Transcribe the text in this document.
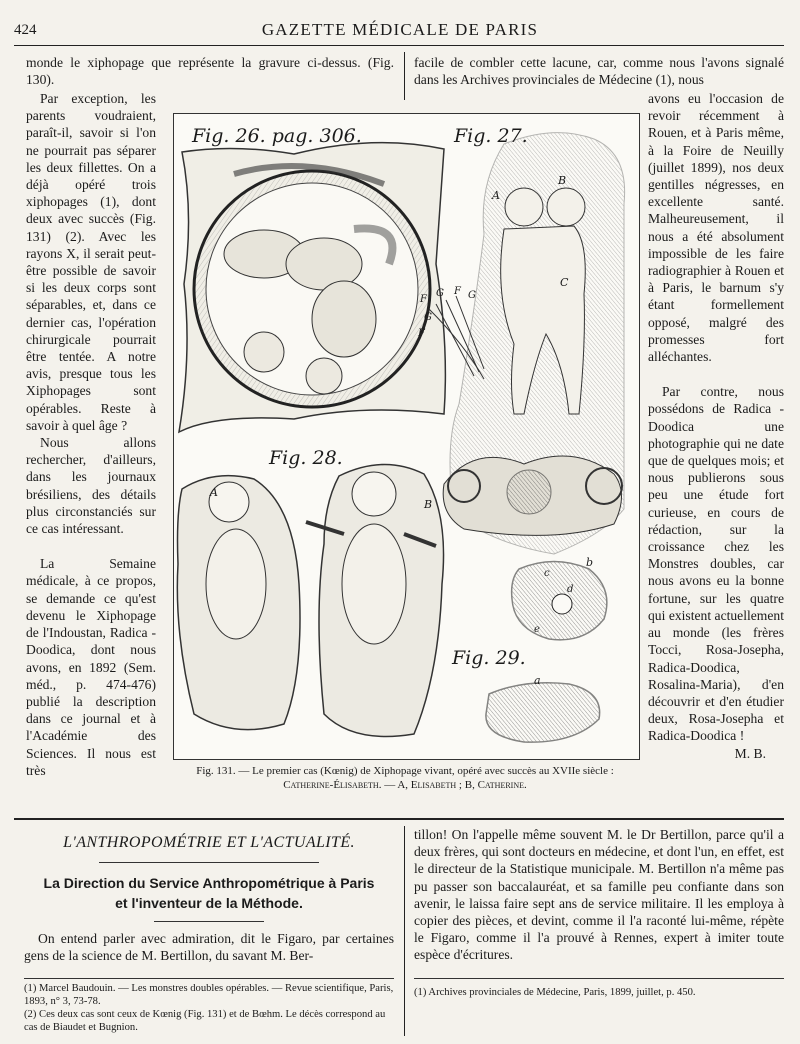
424	GAZETTE MÉDICALE DE PARIS

monde le xiphopage que représente la gravure ci-dessus. (Fig. 130).

Par exception, les parents voudraient, paraît-il, savoir si l'on ne pourrait pas séparer les deux fillettes. On a déjà opéré trois xiphopages (1), dont deux avec succès (Fig. 131) (2). Avec les rayons X, il serait peut-être possible de savoir si les deux corps sont séparables, et, dans ce dernier cas, l'opération chirurgicale pourrait être tentée. A notre avis, presque tous les Xiphopages sont opérables. Reste à savoir à quel âge ?

Nous allons rechercher, d'ailleurs, dans les journaux brésiliens, des détails plus circonstanciés sur ce cas intéressant.

La Semaine médicale, à ce propos, se demande ce qu'est devenu le Xiphopage de l'Indoustan, Radica - Doodica, dont nous avons, en 1892 (Sem. méd., p. 474-476) publié la description dans ce journal et à l'Académie des Sciences. Il nous est très

facile de combler cette lacune, car, comme nous l'avons signalé dans les Archives provinciales de Médecine (1), nous

avons eu l'occasion de revoir récemment à Rouen, et à Paris même, à la Foire de Neuilly (juillet 1899), nos deux gentilles négresses, en excellente santé. Malheureusement, il nous a été absolument impossible de les faire radiographier à Rouen et à Paris, le barnum s'y étant formellement opposé, malgré des promesses fort alléchantes.

Par contre, nous possédons de Radica - Doodica une photographie qui ne date que de quelques mois; et nous publierons sous peu une étude fort curieuse, en cours de rédaction, sur la croissance chez les Monstres doubles, car nous avons eu la bonne fortune, sur les quatre qui existent actuellement au monde (les frères Tocci, Rosa-Josepha, Radica-Doodica, Rosalina-Maria), d'en découvrir et d'en étudier deux, Rosa-Josepha et Radica-Doodica !

M. B.

A
B
C
F
G F G
G
F
A
B
b
c
d
e
a
Fig. 26. pag. 306.	Fig. 27.
Fig. 28.
Fig. 29.
Fig. 131. — Le premier cas (Kœnig) de Xiphopage vivant, opéré avec succès au XVIIe siècle :
Catherine-Élisabeth. — A, Elisabeth ; B, Catherine.
L'ANTHROPOMÉTRIE ET L'ACTUALITÉ.
La Direction du Service Anthropométrique à Paris
et l'inventeur de la Méthode.

On entend parler avec admiration, dit le Figaro, par certaines gens de la science de M. Bertillon, du savant M. Ber-

tillon! On l'appelle même souvent M. le Dr Bertillon, parce qu'il a deux frères, qui sont docteurs en médecine, et dont l'un, en effet, est le directeur de la Statistique municipale. M. Bertillon n'a même pas pu passer son baccalauréat, et sa famille peu confiante dans son avenir, le laissa faire sept ans de service militaire. Il les employa à copier des pièces, et devint, comme il l'a raconté lui-même, répète le Figaro, comme il l'a prouvé à Rennes, expert à imiter toute espèce d'écritures.

(1) Marcel Baudouin. — Les monstres doubles opérables. — Revue scientifique, Paris, 1893, n° 3, 73-78.
(2) Ces deux cas sont ceux de Kœnig (Fig. 131) et de Bœhm. Le décès correspond au cas de Biaudet et Bugnion.
(1) Archives provinciales de Médecine, Paris, 1899, juillet, p. 450.
